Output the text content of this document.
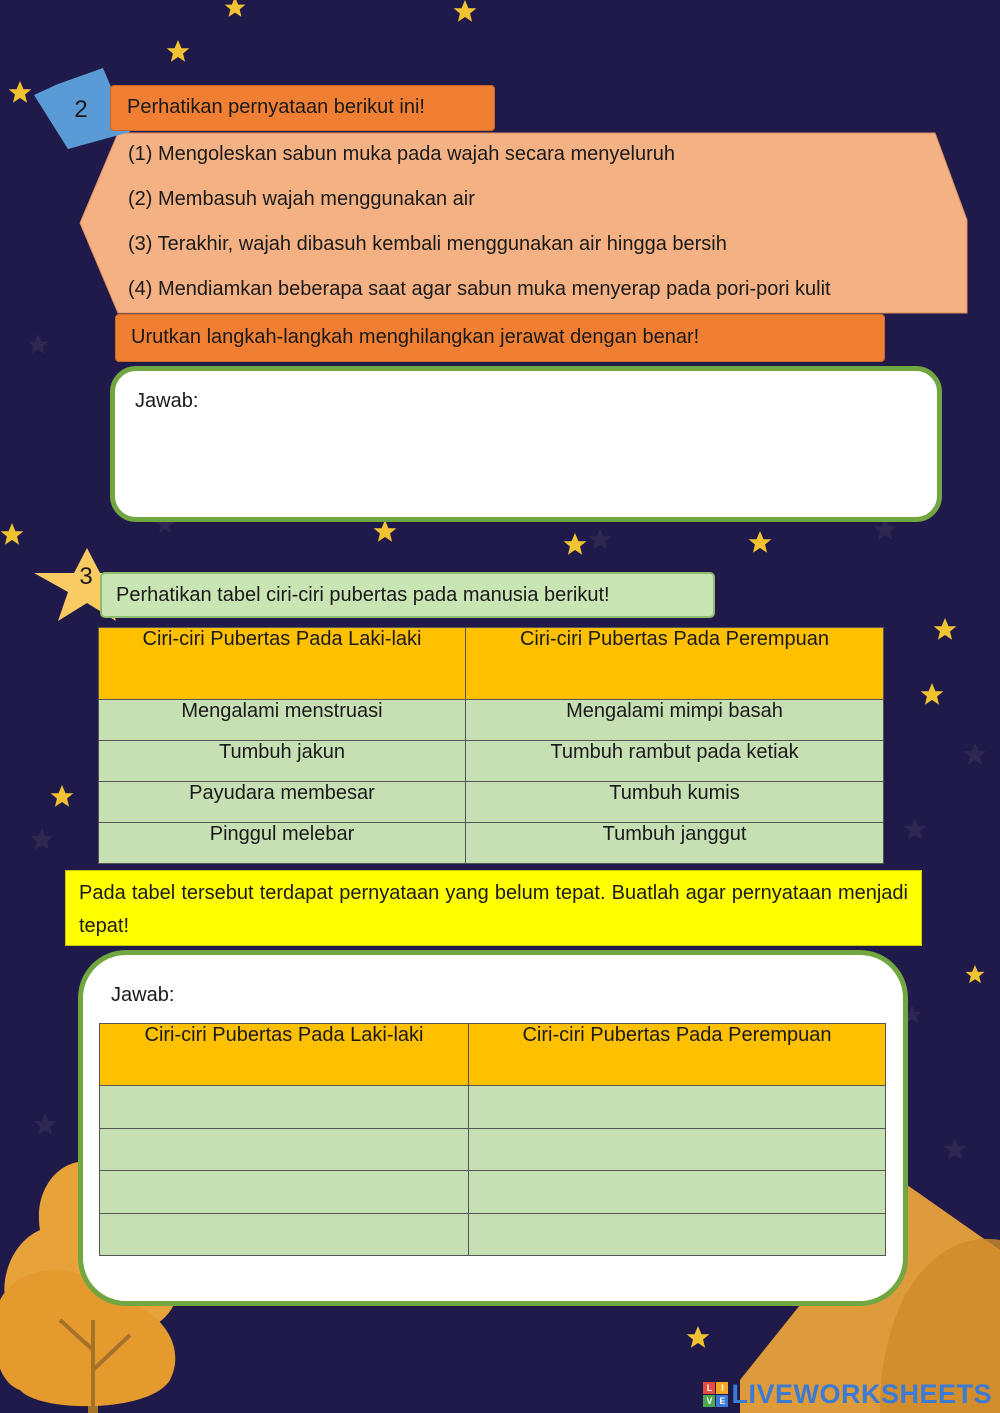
2	Perhatikan pernyataan berikut ini!
(1) Mengoleskan sabun muka pada wajah secara menyeluruh
(2) Membasuh wajah menggunakan air
(3) Terakhir, wajah dibasuh kembali menggunakan air hingga bersih
(4) Mendiamkan beberapa saat agar sabun muka menyerap pada pori-pori kulit
Urutkan langkah-langkah menghilangkan jerawat dengan benar!
Jawab:
Perhatikan tabel ciri-ciri pubertas pada manusia berikut!
3
Ciri-ciri Pubertas Pada Laki-laki	Ciri-ciri Pubertas Pada Perempuan
Mengalami menstruasi	Mengalami mimpi basah
Tumbuh jakun	Tumbuh rambut pada ketiak
Payudara membesar	Tumbuh kumis
Pinggul melebar	Tumbuh janggut
Pada tabel tersebut terdapat pernyataan yang belum tepat. Buatlah agar pernyataan menjadi tepat!
Jawab:
Ciri-ciri Pubertas Pada Laki-laki	Ciri-ciri Pubertas Pada Perempuan

L I
V E LIVEWORKSHEETS
